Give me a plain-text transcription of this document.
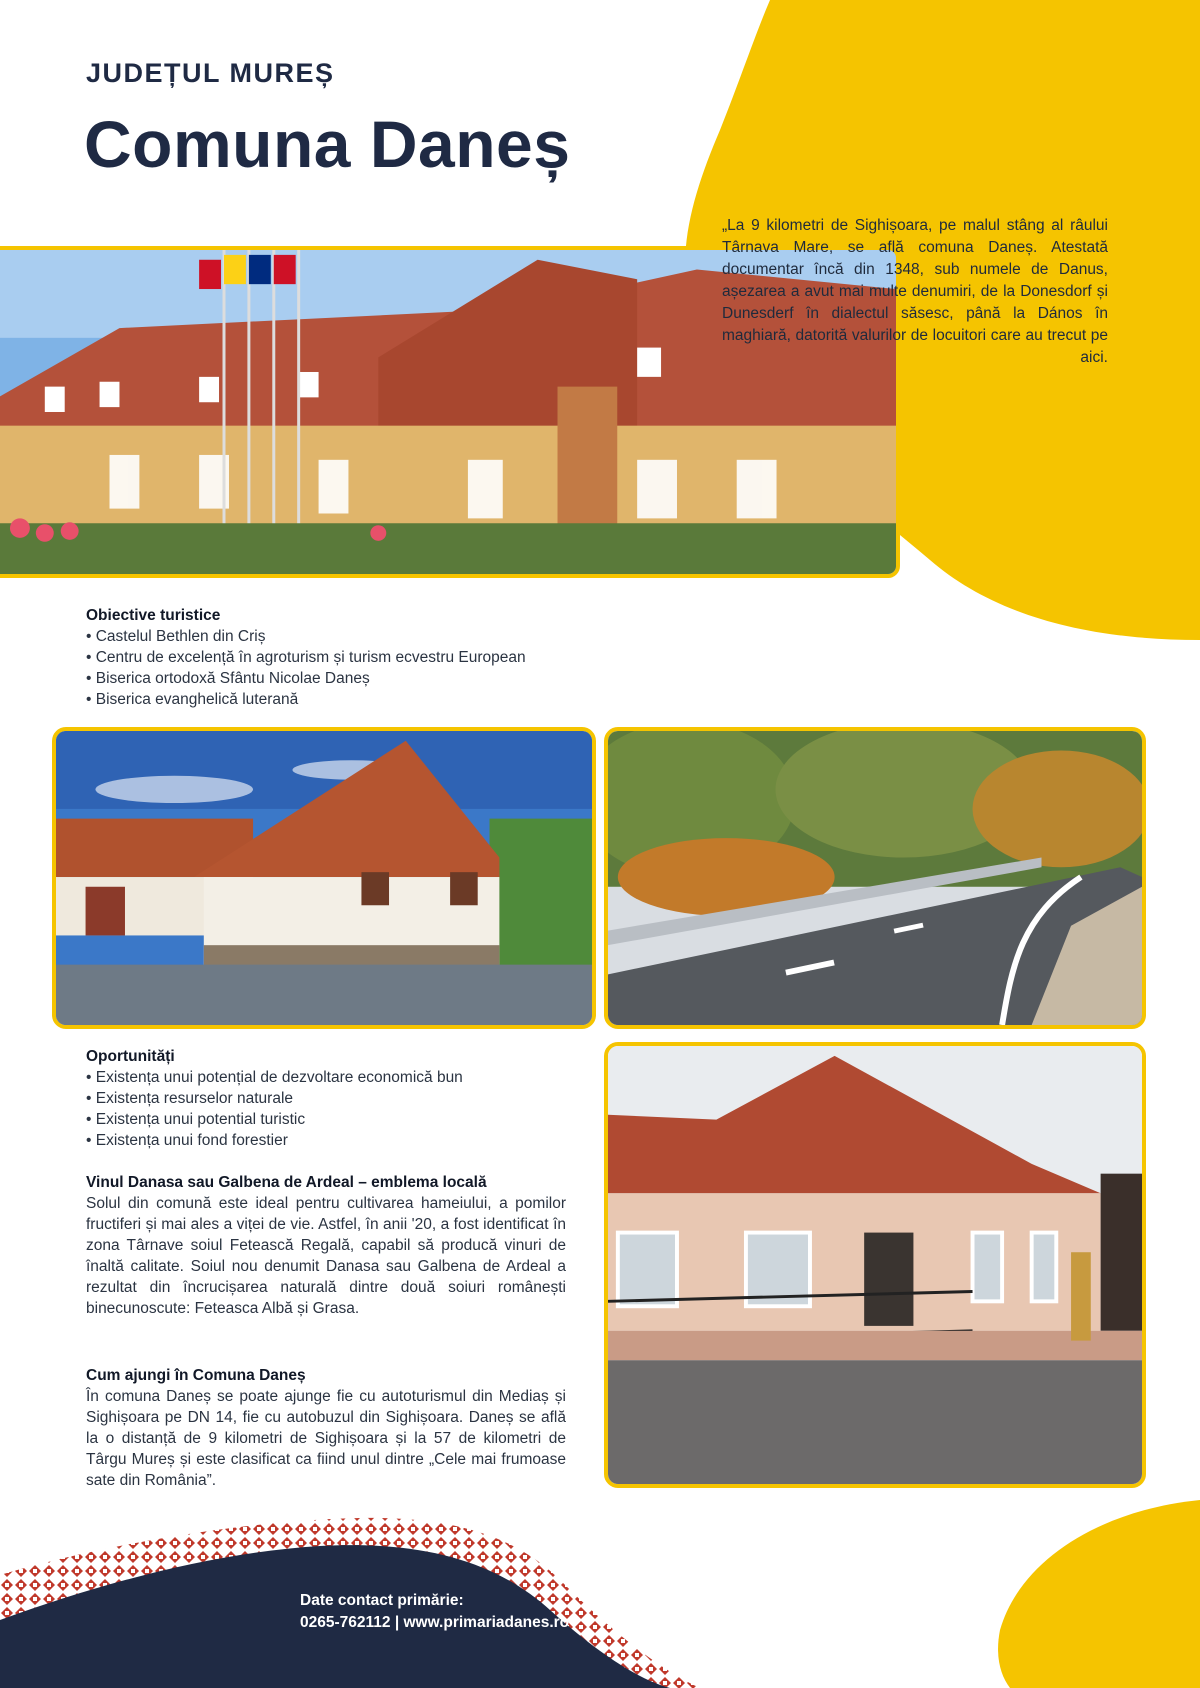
JUDEȚUL MUREȘ
Comuna Daneș

„La 9 kilometri de Sighișoara, pe malul stâng al râului Târnava Mare, se află comuna Daneș. Atestată documentar încă din 1348, sub numele de Danus, așezarea a avut mai multe denumiri, de la Donesdorf și Dunesderf în dialectul săsesc, până la Dános în maghiară, datorită valurilor de locuitori care au trecut pe aici.

Obiective turistice
• Castelul Bethlen din Criș
• Centru de excelență în agroturism și turism ecvestru European
• Biserica ortodoxă Sfântu Nicolae Daneș
• Biserica evanghelică luterană
Oportunități
• Existența unui potențial de dezvoltare economică bun
• Existența resurselor naturale
• Existența unui potential turistic
• Existența unui fond forestier
Vinul Danasa sau Galbena de Ardeal – emblema locală

Solul din comună este ideal pentru cultivarea hameiului, a pomilor fructiferi și mai ales a viței de vie. Astfel, în anii '20, a fost identificat în zona Târnave soiul Fetească Regală, capabil să producă vinuri de înaltă calitate. Soiul nou denumit Danasa sau Galbena de Ardeal a rezultat din încrucișarea naturală dintre două soiuri românești binecunoscute: Feteasca Albă și Grasa.

Cum ajungi în Comuna Daneș

În comuna Daneș se poate ajunge fie cu autoturismul din Mediaș și Sighișoara pe DN 14, fie cu autobuzul din Sighișoara. Daneș se află la o distanță de 9 kilometri de Sighișoara și la 57 de kilometri de Târgu Mureș și este clasificat ca fiind unul dintre „Cele mai frumoase sate din România”.

Date contact primărie:
0265-762112 | www.primariadanes.ro
